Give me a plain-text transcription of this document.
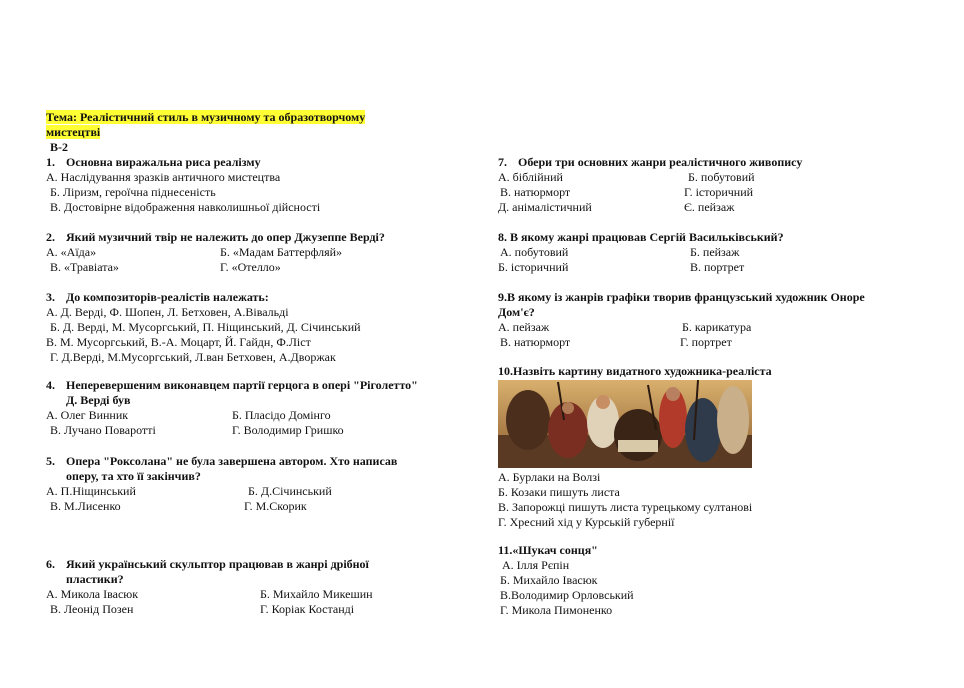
Тема: Реалістичний стиль в музичному та образотворчому
мистецтві
В-2
1. Основна виражальна риса реалізму
А. Наслідування зразків античного мистецтва
Б. Ліризм, героїчна піднесеність
В. Достовірне відображення навколишньої дійсності
2. Який музичний твір не належить до опер Джузеппе Верді?
А. «Аїда»	Б. «Мадам Баттерфляй»
В. «Травіата»	Г. «Отелло»
3. До композиторів-реалістів належать:
А. Д. Верді, Ф. Шопен, Л. Бетховен, А.Вівальді
Б. Д. Верді, М. Мусоргський, П. Ніщинський, Д. Січинський
В. М. Мусоргський, В.-А. Моцарт, Й. Гайдн, Ф.Ліст
Г. Д.Верді, М.Мусоргський, Л.ван Бетховен, А.Дворжак
4. Неперевершеним виконавцем партії герцога в опері "Ріголетто"
Д. Верді був
А. Олег Винник	Б. Пласідо Домінго
В. Лучано Поваротті	Г. Володимир Гришко
5. Опера "Роксолана" не була завершена автором. Хто написав
оперу, та хто її закінчив?
А. П.Ніщинський	Б. Д.Січинський
В. М.Лисенко	Г. М.Скорик
6. Який український скульптор працював в жанрі дрібної
пластики?
А. Микола Івасюк	Б. Михайло Микешин
В. Леонід Позен	Г. Коріак Костанді
7. Обери три основних жанри реалістичного живопису
А. біблійний	Б. побутовий
В. натюрморт	Г. історичний
Д. анімалістичний	Є. пейзаж
8. В якому жанрі працював Сергій Васильківський?
А. побутовий	Б. пейзаж
Б. історичний	В. портрет
9.В якому із жанрів графіки творив французський художник Оноре
Дом'є?
А. пейзаж	Б. карикатура
В. натюрморт	Г. портрет
10.Назвіть картину видатного художника-реаліста
А. Бурлаки на Волзі
Б. Козаки пишуть листа
В. Запорожці пишуть листа турецькому султанові
Г. Хресний хід у Курській губернії
11.«Шукач сонця"
А. Ілля Рєпін
Б. Михайло Івасюк
В.Володимир Орловський
Г. Микола Пимоненко
